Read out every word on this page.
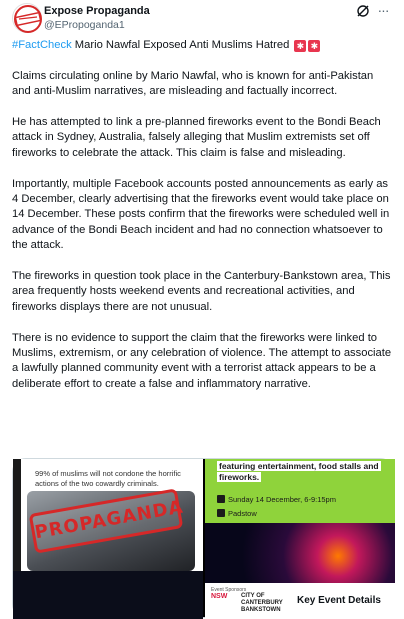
Expose Propaganda
@EPropoganda1
···

#FactCheck Mario Nawfal Exposed Anti Muslims Hatred ✱ ✱

Claims circulating online by Mario Nawfal, who is known for anti-Pakistan and anti-Muslim narratives, are misleading and factually incorrect.

He has attempted to link a pre-planned fireworks event to the Bondi Beach attack in Sydney, Australia, falsely alleging that Muslim extremists set off fireworks to celebrate the attack. This claim is false and misleading.

Importantly, multiple Facebook accounts posted announcements as early as 4 December, clearly advertising that the fireworks event would take place on 14 December. These posts confirm that the fireworks were scheduled well in advance of the Bondi Beach incident and had no connection whatsoever to the attack.

The fireworks in question took place in the Canterbury-Bankstown area, This area frequently hosts weekend events and recreational activities, and fireworks displays there are not unusual.

There is no evidence to support the claim that the fireworks were linked to Muslims, extremism, or any celebration of violence. The attempt to associate a lawfully planned community event with a terrorist attack appears to be a deliberate effort to create a false and inflammatory narrative.

99% of muslims will not condone the horrific actions of the two cowardly criminals.
PROPAGANDA
featuring entertainment, food stalls and
fireworks.
Sunday 14 December, 6-9:15pm
Padstow
Event Sponsors
NSW CITY OF CANTERBURY BANKSTOWN
Key Event Details
